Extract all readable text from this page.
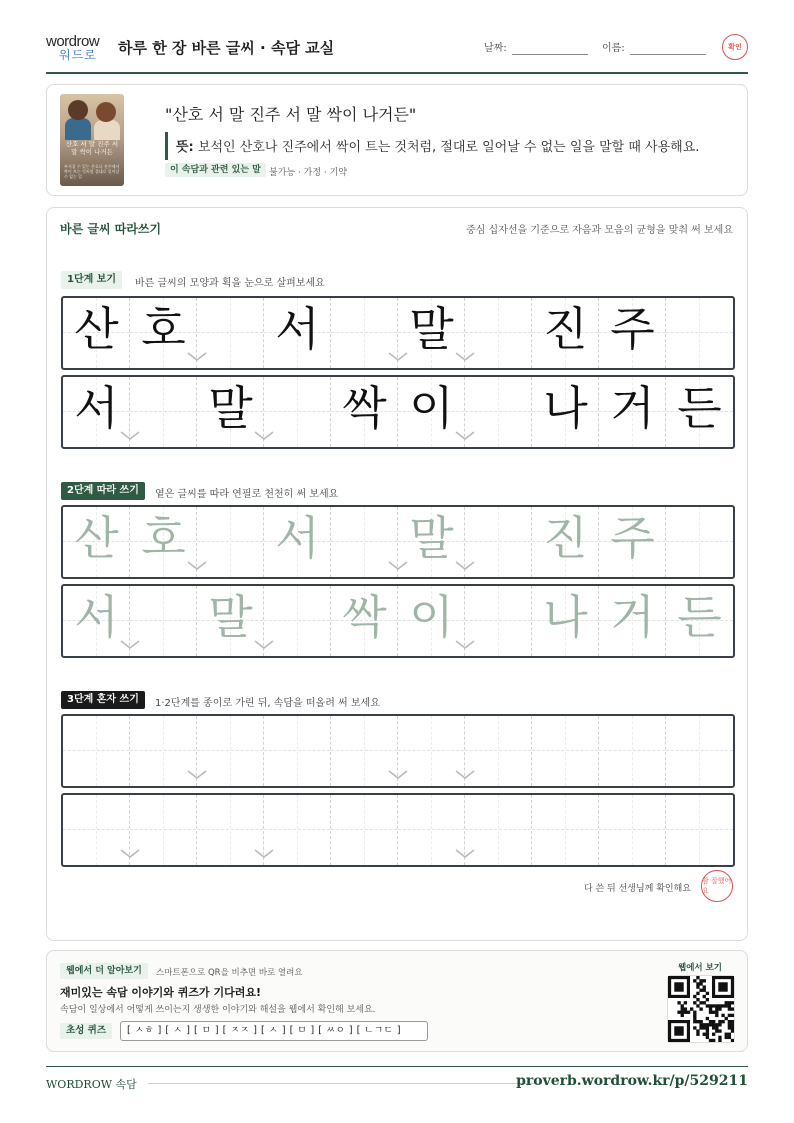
wordrow
워드로 하루 한 장 바른 글씨 · 속담 교실	날짜:	이름:	확인
산호 서 말 진주 서 말 싹이 나거든
부서질 수 있는 산호나 진주에서 싹이 트는 것처럼 절대로 일어날 수 없는 일
"산호 서 말 진주 서 말 싹이 나거든"
뜻: 보석인 산호나 진주에서 싹이 트는 것처럼, 절대로 일어날 수 없는 일을 말할 때 사용해요.
이 속담과 관련 있는 말 불가능 · 가정 · 기약
바른 글씨 따라쓰기	중심 십자선을 기준으로 자음과 모음의 균형을 맞춰 써 보세요
1단계 보기	바른 글씨의 모양과 획을 눈으로 살펴보세요
산 호 서 말 진 주
서 말 싹 이 나 거 든
2단계 따라 쓰기	옅은 글씨를 따라 연필로 천천히 써 보세요
산 호 서 말 진 주
서 말 싹 이 나 거 든
3단계 혼자 쓰기	1·2단계를 종이로 가린 뒤, 속담을 떠올려 써 보세요
다 쓴 뒤 선생님께 확인해요
참 잘했어요
웹에서 더 알아보기	스마트폰으로 QR을 비추면 바로 열려요
재미있는 속담 이야기와 퀴즈가 기다려요!
속담이 일상에서 어떻게 쓰이는지 생생한 이야기와 해설을 웹에서 확인해 보세요.
초성 퀴즈	[ ㅅㅎ ] [ ㅅ ] [ ㅁ ] [ ㅈㅈ ] [ ㅅ ] [ ㅁ ] [ ㅆㅇ ] [ ㄴㄱㄷ ]
웹에서 보기
WORDROW 속담	proverb.wordrow.kr/p/529211
